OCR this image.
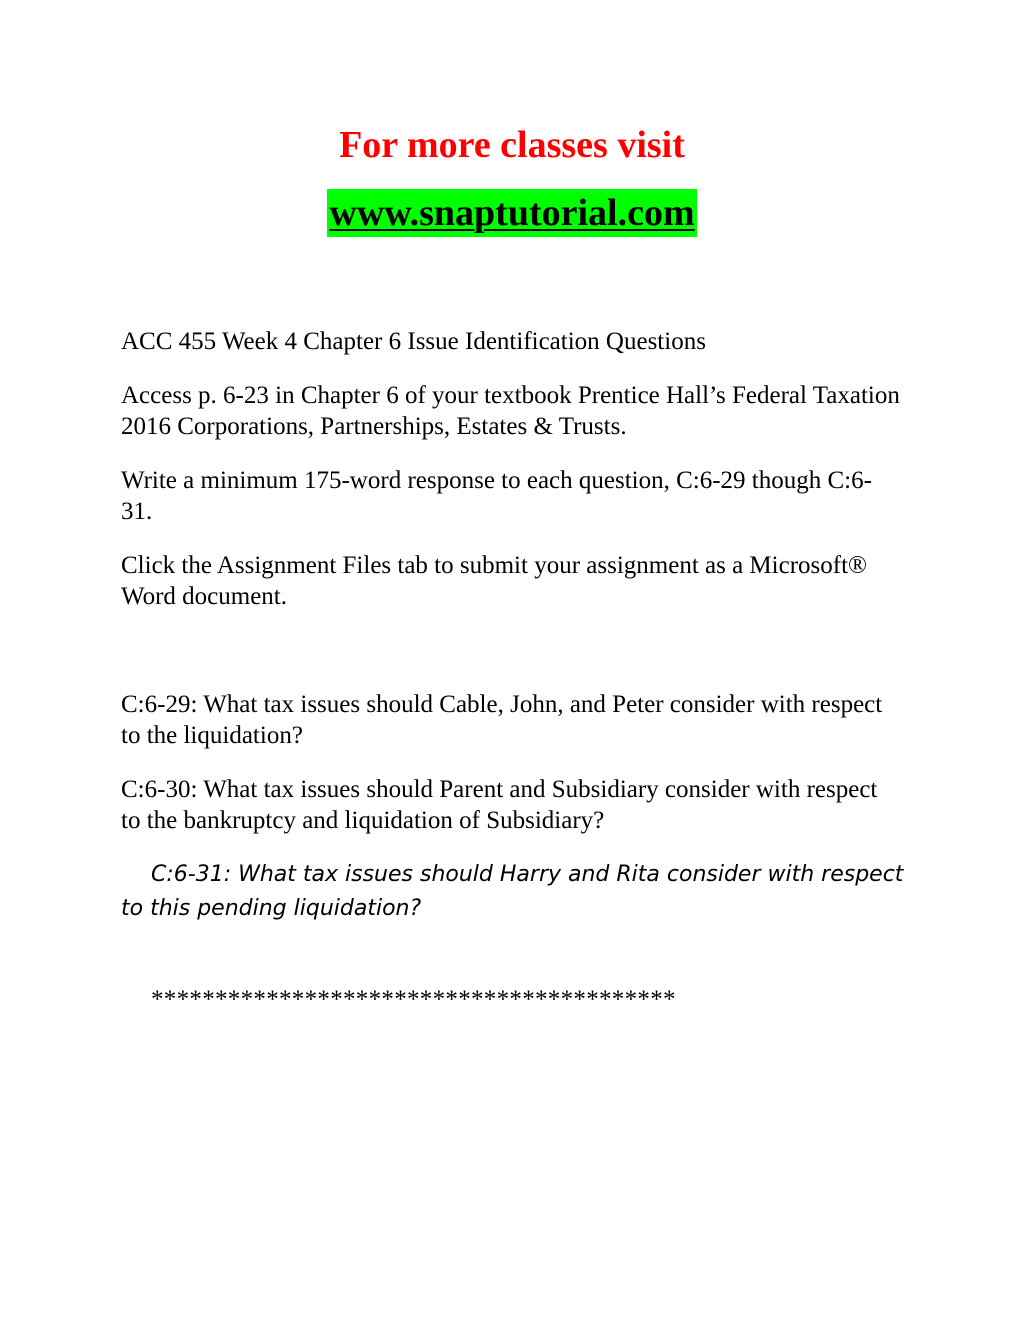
For more classes visit
www.snaptutorial.com

ACC 455 Week 4 Chapter 6 Issue Identification Questions

Access p. 6-23 in Chapter 6 of your textbook Prentice Hall’s Federal Taxation 2016 Corporations, Partnerships, Estates & Trusts.

Write a minimum 175-word response to each question, C:6-29 though C:6-31.

Click the Assignment Files tab to submit your assignment as a Microsoft® Word document.

C:6-29: What tax issues should Cable, John, and Peter consider with respect to the liquidation?

C:6-30: What tax issues should Parent and Subsidiary consider with respect to the bankruptcy and liquidation of Subsidiary?

C:6-31: What tax issues should Harry and Rita consider with respect to this pending liquidation?

*****************************************
